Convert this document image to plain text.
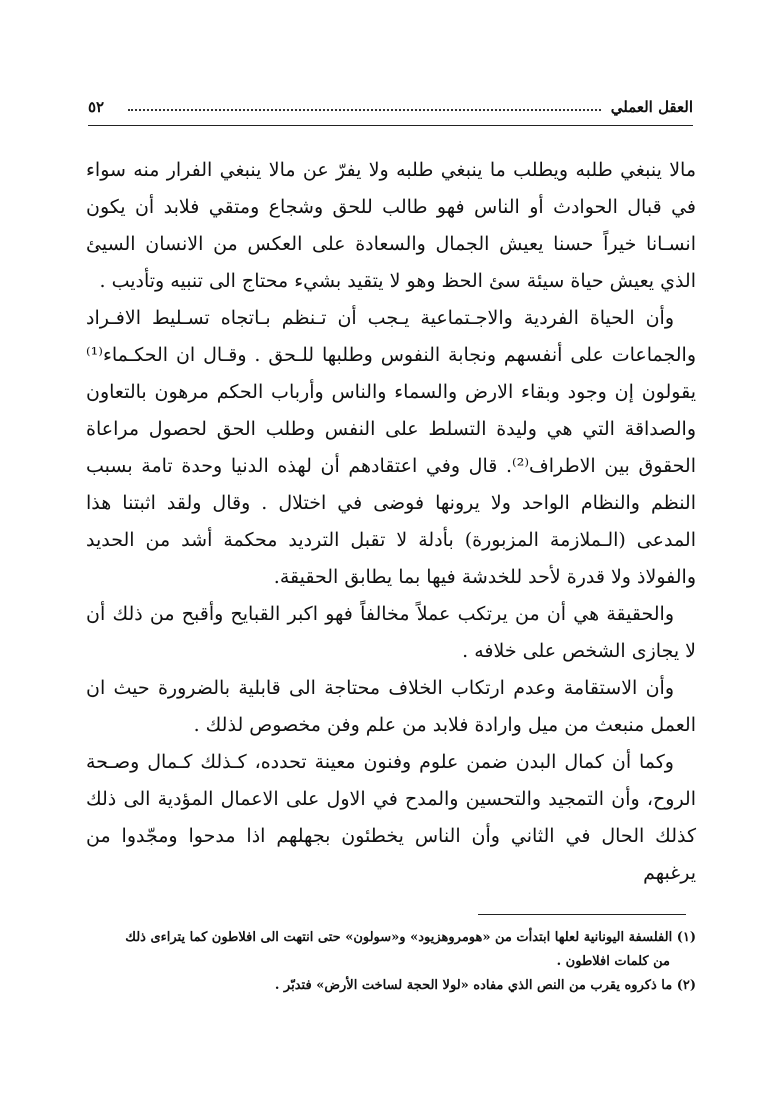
العقل العملي
٥٢

مالا ينبغي طلبه ويطلب ما ينبغي طلبه ولا يفرّ عن مالا ينبغي الفرار منه سواء في قبال الحوادث أو الناس فهو طالب للحق وشجاع ومتقي فلابد أن يكون انسـانا خيراً حسنا يعيش الجمال والسعادة على العكس من الانسان السيئ الذي يعيش حياة سيئة سئ الحظ وهو لا يتقيد بشيء محتاج الى تنبيه وتأديب .

وأن الحياة الفردية والاجـتماعية يـجب أن تـنظم بـاتجاه تسـليط الافـراد والجماعات على أنفسهم ونجابة النفوس وطلبها للـحق . وقـال ان الحكـماء⁽¹⁾ يقولون إن وجود وبقاء الارض والسماء والناس وأرباب الحكم مرهون بالتعاون والصداقة التي هي وليدة التسلط على النفس وطلب الحق لحصول مراعاة الحقوق بين الاطراف⁽²⁾. قال وفي اعتقادهم أن لهذه الدنيا وحدة تامة بسبب النظم والنظام الواحد ولا يرونها فوضى في اختلال . وقال ولقد اثبتنا هذا المدعى (الـملازمة المزبورة) بأدلة لا تقبل الترديد محكمة أشد من الحديد والفولاذ ولا قدرة لأحد للخدشة فيها بما يطابق الحقيقة.

والحقيقة هي أن من يرتكب عملاً مخالفاً فهو اكبر القبايح وأقبح من ذلك أن لا يجازى الشخص على خلافه .

وأن الاستقامة وعدم ارتكاب الخلاف محتاجة الى قابلية بالضرورة حيث ان العمل منبعث من ميل وارادة فلابد من علم وفن مخصوص لذلك .

وكما أن كمال البدن ضمن علوم وفنون معينة تحدده، كـذلك كـمال وصـحة الروح، وأن التمجيد والتحسين والمدح في الاول على الاعمال المؤدية الى ذلك كذلك الحال في الثاني وأن الناس يخطئون بجهلهم اذا مدحوا ومجّدوا من يرغبهم

(١) الفلسفة اليونانية لعلها ابتدأت من «هومروهزيود» و«سولون» حتى انتهت الى افلاطون كما يتراءى ذلك

من كلمات افلاطون .

(٢) ما ذكروه يقرب من النص الذي مفاده «لولا الحجة لساخت الأرض» فتدبّر .
